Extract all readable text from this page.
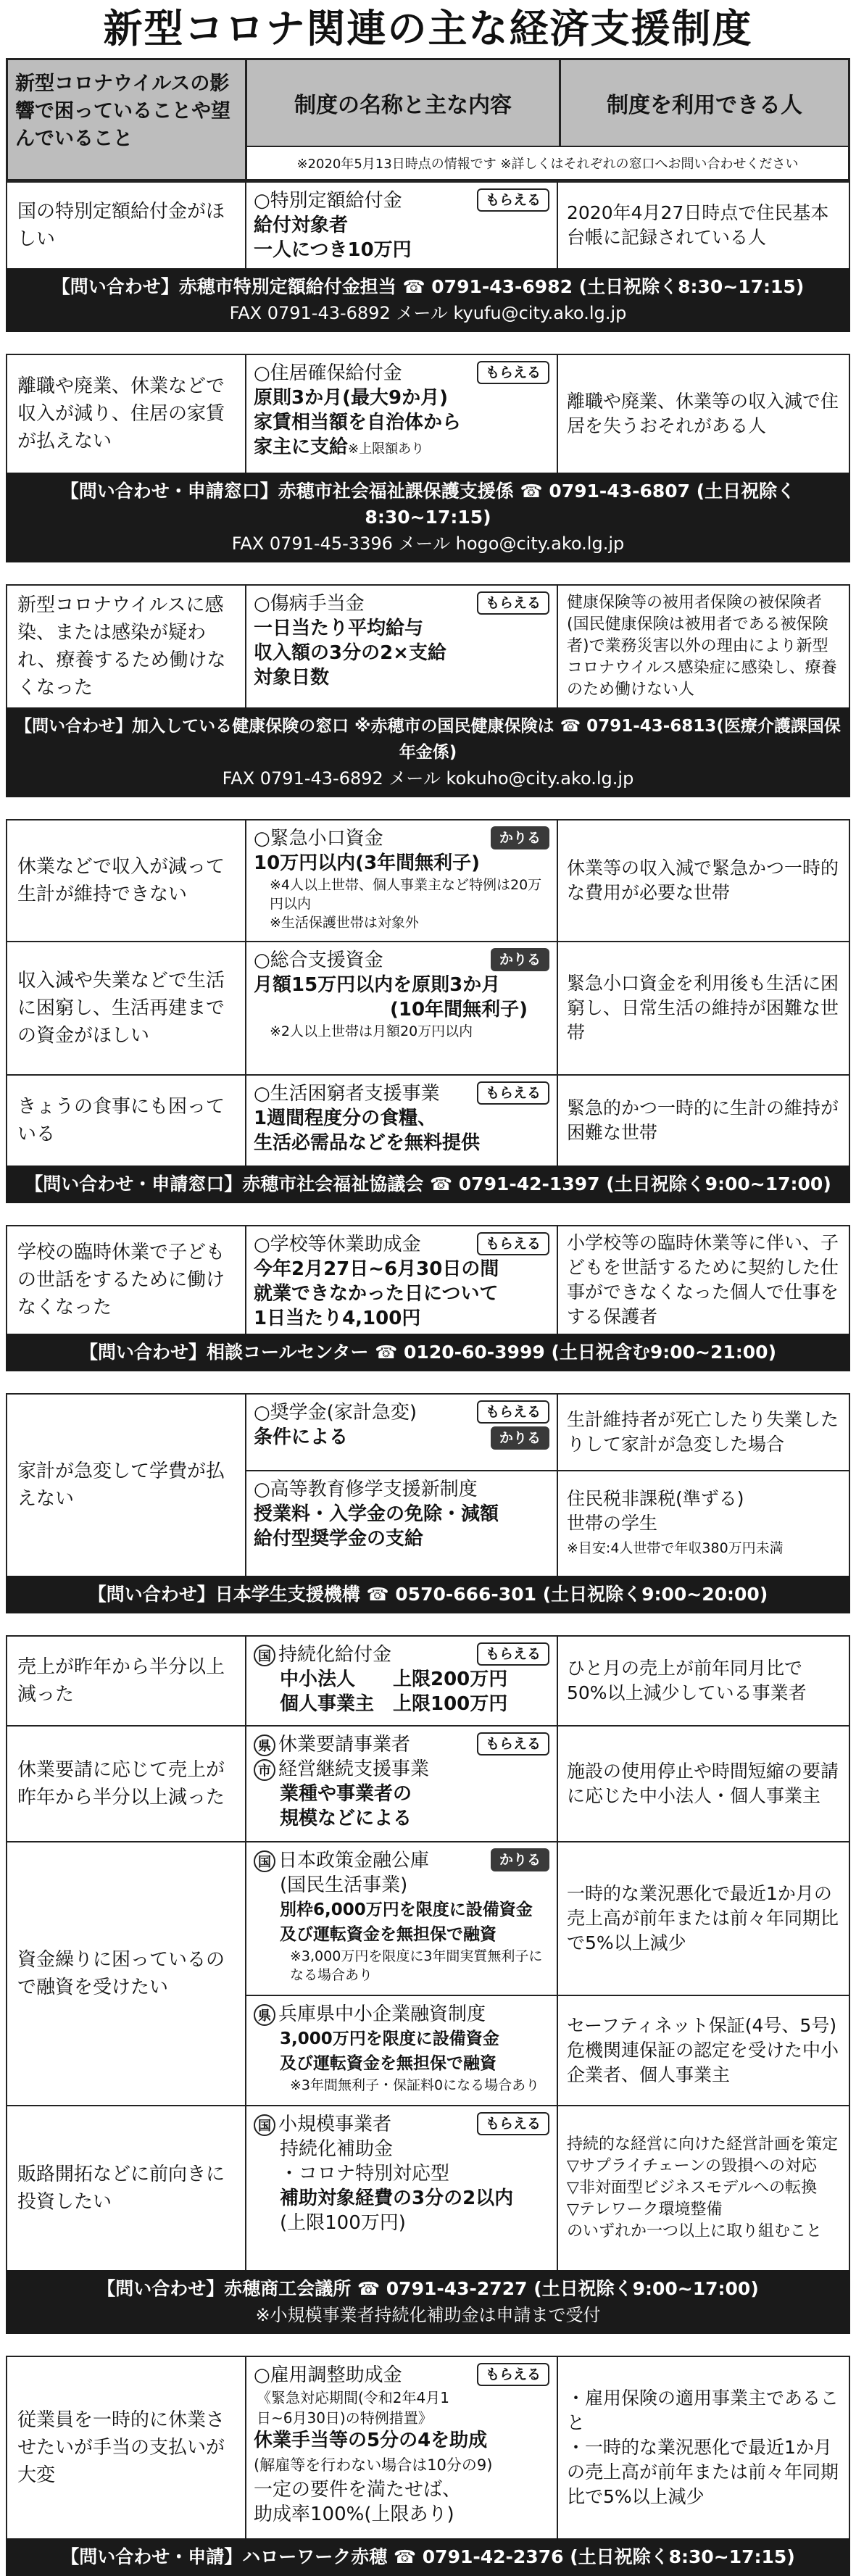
新型コロナ関連の主な経済支援制度
新型コロナウイルスの影響で困っていることや望んでいること
制度の名称と主な内容	制度を利用できる人
※2020年5月13日時点の情報です ※詳しくはそれぞれの窓口へお問い合わせください
国の特別定額給付金がほしい
もらえる
○特別定額給付金
給付対象者
一人につき10万円
2020年4月27日時点で住民基本台帳に記録されている人
【問い合わせ】赤穂市特別定額給付金担当 ☎ 0791-43-6982 (土日祝除く8:30~17:15)
FAX 0791-43-6892 メール kyufu@city.ako.lg.jp
離職や廃業、休業などで収入が減り、住居の家賃が払えない
もらえる
○住居確保給付金
原則3か月(最大9か月)
家賃相当額を自治体から
家主に支給※上限額あり
離職や廃業、休業等の収入減で住居を失うおそれがある人
【問い合わせ・申請窓口】赤穂市社会福祉課保護支援係 ☎ 0791-43-6807 (土日祝除く8:30~17:15)
FAX 0791-45-3396 メール hogo@city.ako.lg.jp
新型コロナウイルスに感染、または感染が疑われ、療養するため働けなくなった
もらえる
○傷病手当金
一日当たり平均給与
収入額の3分の2×支給
対象日数
健康保険等の被用者保険の被保険者(国民健康保険は被用者である被保険者)で業務災害以外の理由により新型コロナウイルス感染症に感染し、療養のため働けない人
【問い合わせ】加入している健康保険の窓口 ※赤穂市の国民健康保険は ☎ 0791-43-6813(医療介護課国保年金係)
FAX 0791-43-6892 メール kokuho@city.ako.lg.jp
休業などで収入が減って生計が維持できない
かりる
○緊急小口資金
10万円以内(3年間無利子)
※4人以上世帯、個人事業主など特例は20万円以内
※生活保護世帯は対象外
休業等の収入減で緊急かつ一時的な費用が必要な世帯
収入減や失業などで生活に困窮し、生活再建までの資金がほしい
かりる
○総合支援資金
月額15万円以内を原則3か月
(10年間無利子)
※2人以上世帯は月額20万円以内
緊急小口資金を利用後も生活に困窮し、日常生活の維持が困難な世帯
きょうの食事にも困っている
もらえる
○生活困窮者支援事業
1週間程度分の食糧、
生活必需品などを無料提供
緊急的かつ一時的に生計の維持が困難な世帯
【問い合わせ・申請窓口】赤穂市社会福祉協議会 ☎ 0791-42-1397 (土日祝除く9:00~17:00)
学校の臨時休業で子どもの世話をするために働けなくなった
もらえる
○学校等休業助成金
今年2月27日~6月30日の間
就業できなかった日について
1日当たり4,100円
小学校等の臨時休業等に伴い、子どもを世話するために契約した仕事ができなくなった個人で仕事をする保護者
【問い合わせ】相談コールセンター ☎ 0120-60-3999 (土日祝含む9:00~21:00)
家計が急変して学費が払えない
もらえる
かりる
○奨学金(家計急変)
条件による
生計維持者が死亡したり失業したりして家計が急変した場合
○高等教育修学支援新制度
授業料・入学金の免除・減額
給付型奨学金の支給
住民税非課税(準ずる)
世帯の学生
※目安:4人世帯で年収380万円未満
【問い合わせ】日本学生支援機構 ☎ 0570-666-301 (土日祝除く9:00~20:00)
売上が昨年から半分以上減った
もらえる
国 持続化給付金
中小法人　　上限200万円
個人事業主　上限100万円
ひと月の売上が前年同月比で50%以上減少している事業者
休業要請に応じて売上が昨年から半分以上減った
もらえる
県 休業要請事業者
市 経営継続支援事業
業種や事業者の
規模などによる
施設の使用停止や時間短縮の要請に応じた中小法人・個人事業主
資金繰りに困っているので融資を受けたい
かりる
国 日本政策金融公庫
(国民生活事業)
別枠6,000万円を限度に設備資金
及び運転資金を無担保で融資
※3,000万円を限度に3年間実質無利子になる場合あり
一時的な業況悪化で最近1か月の売上高が前年または前々年同期比で5%以上減少
県 兵庫県中小企業融資制度
3,000万円を限度に設備資金
及び運転資金を無担保で融資
※3年間無利子・保証料0になる場合あり
セーフティネット保証(4号、5号)危機関連保証の認定を受けた中小企業者、個人事業主
販路開拓などに前向きに投資したい
もらえる
国 小規模事業者
持続化補助金
・コロナ特別対応型
補助対象経費の3分の2以内
(上限100万円)
持続的な経営に向けた経営計画を策定
▽サプライチェーンの毀損への対応
▽非対面型ビジネスモデルへの転換
▽テレワーク環境整備
のいずれか一つ以上に取り組むこと
【問い合わせ】赤穂商工会議所 ☎ 0791-43-2727 (土日祝除く9:00~17:00)
※小規模事業者持続化補助金は申請まで受付
従業員を一時的に休業させたいが手当の支払いが大変
もらえる
○雇用調整助成金
《緊急対応期間(令和2年4月1日~6月30日)の特例措置》
休業手当等の5分の4を助成
(解雇等を行わない場合は10分の9)
一定の要件を満たせば、
助成率100%(上限あり)
・雇用保険の適用事業主であること
・一時的な業況悪化で最近1か月の売上高が前年または前々年同期比で5%以上減少
【問い合わせ・申請】ハローワーク赤穂 ☎ 0791-42-2376 (土日祝除く8:30~17:15)
